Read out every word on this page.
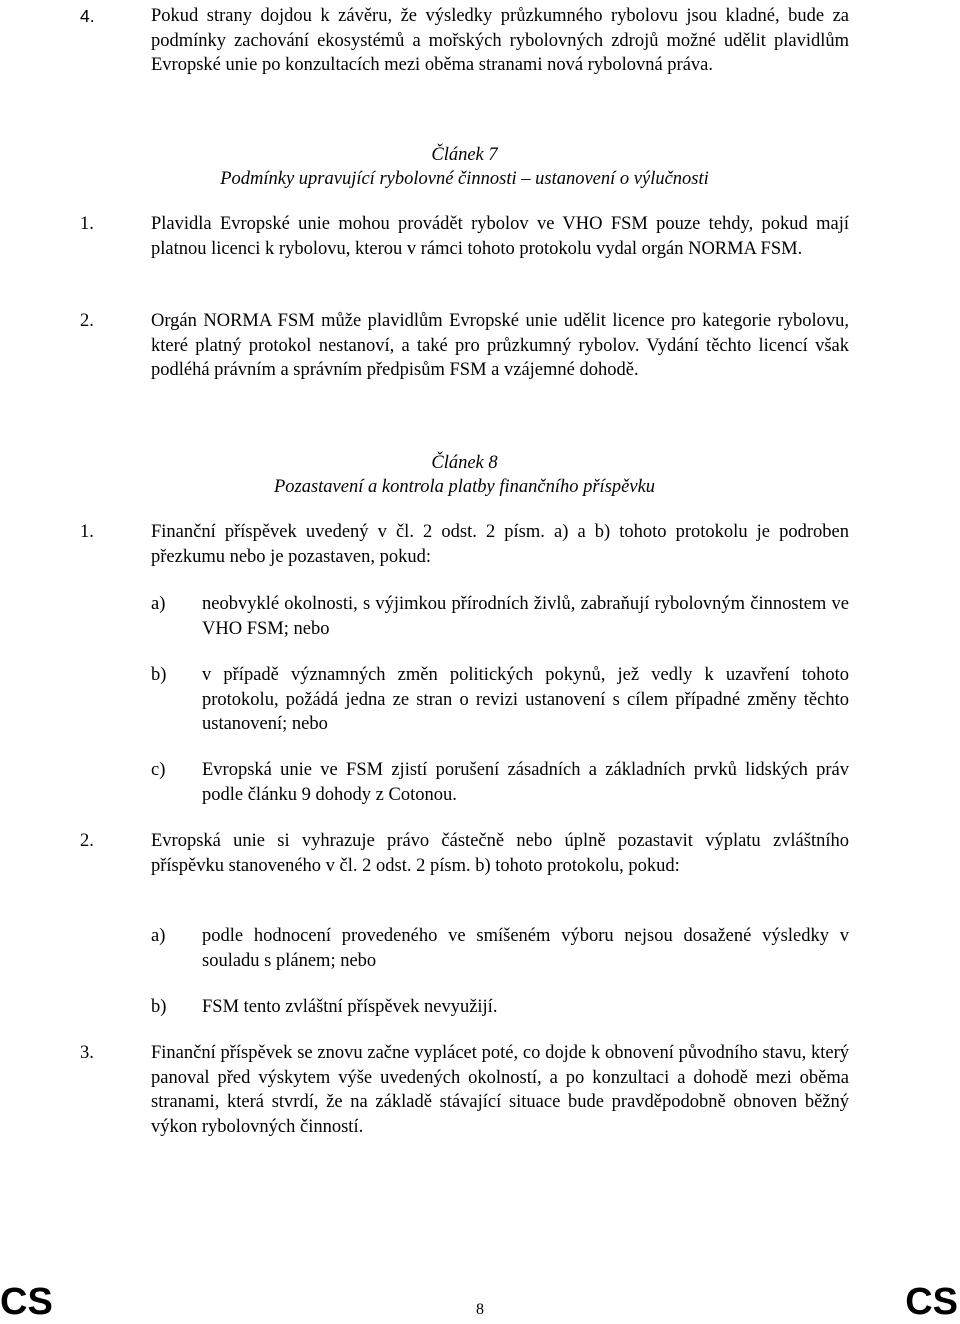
4.	Pokud strany dojdou k závěru, že výsledky průzkumného rybolovu jsou kladné, bude za podmínky zachování ekosystémů a mořských rybolovných zdrojů možné udělit plavidlům Evropské unie po konzultacích mezi oběma stranami nová rybolovná práva.
Článek 7
Podmínky upravující rybolovné činnosti – ustanovení o výlučnosti
1.	Plavidla Evropské unie mohou provádět rybolov ve VHO FSM pouze tehdy, pokud mají platnou licenci k rybolovu, kterou v rámci tohoto protokolu vydal orgán NORMA FSM.
2.	Orgán NORMA FSM může plavidlům Evropské unie udělit licence pro kategorie rybolovu, které platný protokol nestanoví, a také pro průzkumný rybolov. Vydání těchto licencí však podléhá právním a správním předpisům FSM a vzájemné dohodě.
Článek 8
Pozastavení a kontrola platby finančního příspěvku
1.	Finanční příspěvek uvedený v čl. 2 odst. 2 písm. a) a b) tohoto protokolu je podroben přezkumu nebo je pozastaven, pokud:
a) neobvyklé okolnosti, s výjimkou přírodních živlů, zabraňují rybolovným činnostem ve VHO FSM; nebo
b) v případě významných změn politických pokynů, jež vedly k uzavření tohoto protokolu, požádá jedna ze stran o revizi ustanovení s cílem případné změny těchto ustanovení; nebo
c) Evropská unie ve FSM zjistí porušení zásadních a základních prvků lidských práv podle článku 9 dohody z Cotonou.
2.	Evropská unie si vyhrazuje právo částečně nebo úplně pozastavit výplatu zvláštního příspěvku stanoveného v čl. 2 odst. 2 písm. b) tohoto protokolu, pokud:
a) podle hodnocení provedeného ve smíšeném výboru nejsou dosažené výsledky v souladu s plánem; nebo
b) FSM tento zvláštní příspěvek nevyužijí.
3.	Finanční příspěvek se znovu začne vyplácet poté, co dojde k obnovení původního stavu, který panoval před výskytem výše uvedených okolností, a po konzultaci a dohodě mezi oběma stranami, která stvrdí, že na základě stávající situace bude pravděpodobně obnoven běžný výkon rybolovných činností.
CS	8	CS
